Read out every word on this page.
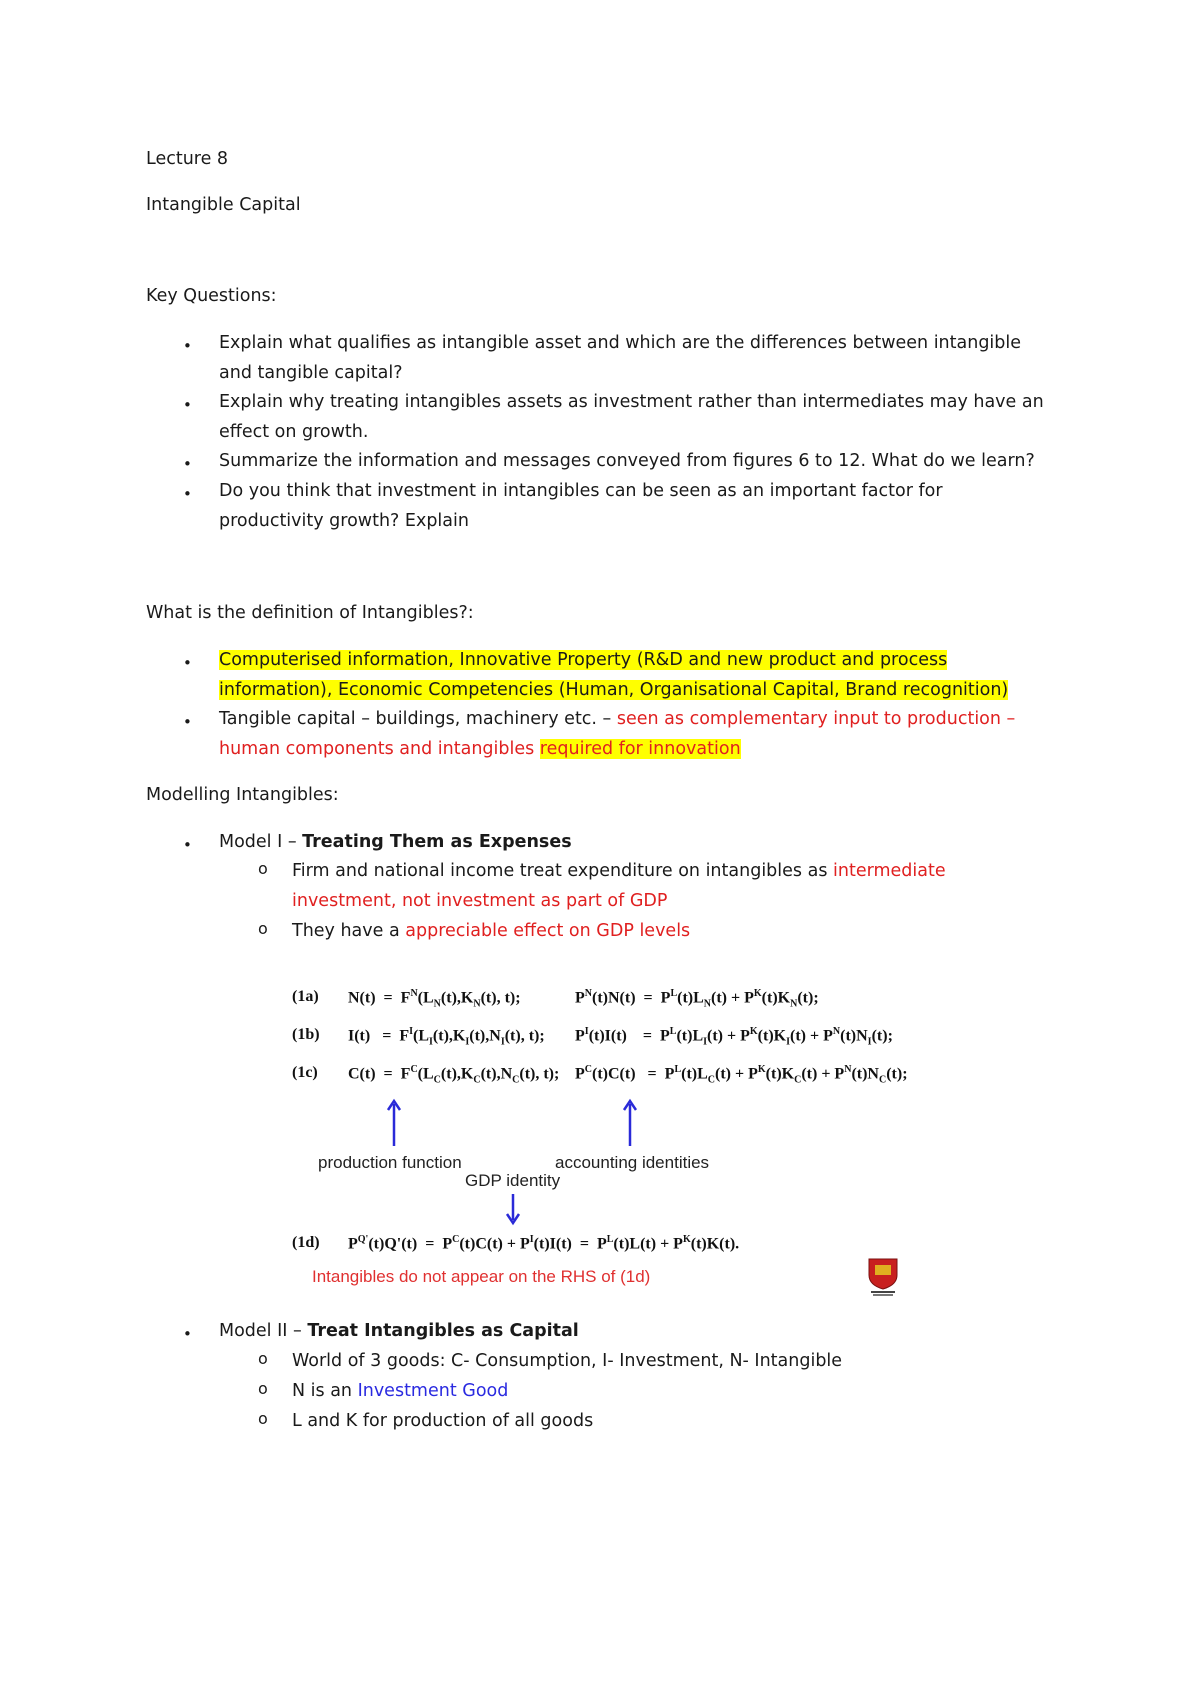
Lecture 8
Intangible Capital
Key Questions:
• Explain what qualifies as intangible asset and which are the differences between intangible
and tangible capital?
• Explain why treating intangibles assets as investment rather than intermediates may have an
effect on growth.
• Summarize the information and messages conveyed from figures 6 to 12. What do we learn?
• Do you think that investment in intangibles can be seen as an important factor for
productivity growth? Explain
What is the definition of Intangibles?:
• Computerised information, Innovative Property (R&D and new product and process
information), Economic Competencies (Human, Organisational Capital, Brand recognition)
• Tangible capital – buildings, machinery etc. – seen as complementary input to production –
human components and intangibles required for innovation
Modelling Intangibles:
• Model I – Treating Them as Expenses
o Firm and national income treat expenditure on intangibles as intermediate
investment, not investment as part of GDP
o They have a appreciable effect on GDP levels
(1a) $N(t) = F^N(L_N(t),K_N(t)$, t);	$P^N(t)N(t) = P^L(t)L_N(t) + P^K(t)K_N(t)$;
(1b) $I(t) = F^I(L_I(t),K_I(t),N_I(t)$, t); $P^I(t)I(t)$    =  $P^L(t)L_I(t) + P^K(t)K_I(t) + P^N(t)N_I(t)$;
(1c) $C(t) = F^C(L_C(t),K_C(t),N_C(t)$, t); $P^C(t)C(t) = P^L(t)L_C(t) + P^K(t)K_C(t) + P^N(t)N_C(t)$;
production function	accounting identities
GDP identity
(1d) $P^{Q'}(t)Q'(t) = P^C(t)C(t) + P^I(t)I(t) = P^L(t)L(t) + P^K(t)K(t)$.
Intangibles do not appear on the RHS of (1d)
• Model II – Treat Intangibles as Capital
o World of 3 goods: C- Consumption, I- Investment, N- Intangible
o N is an Investment Good
o L and K for production of all goods
